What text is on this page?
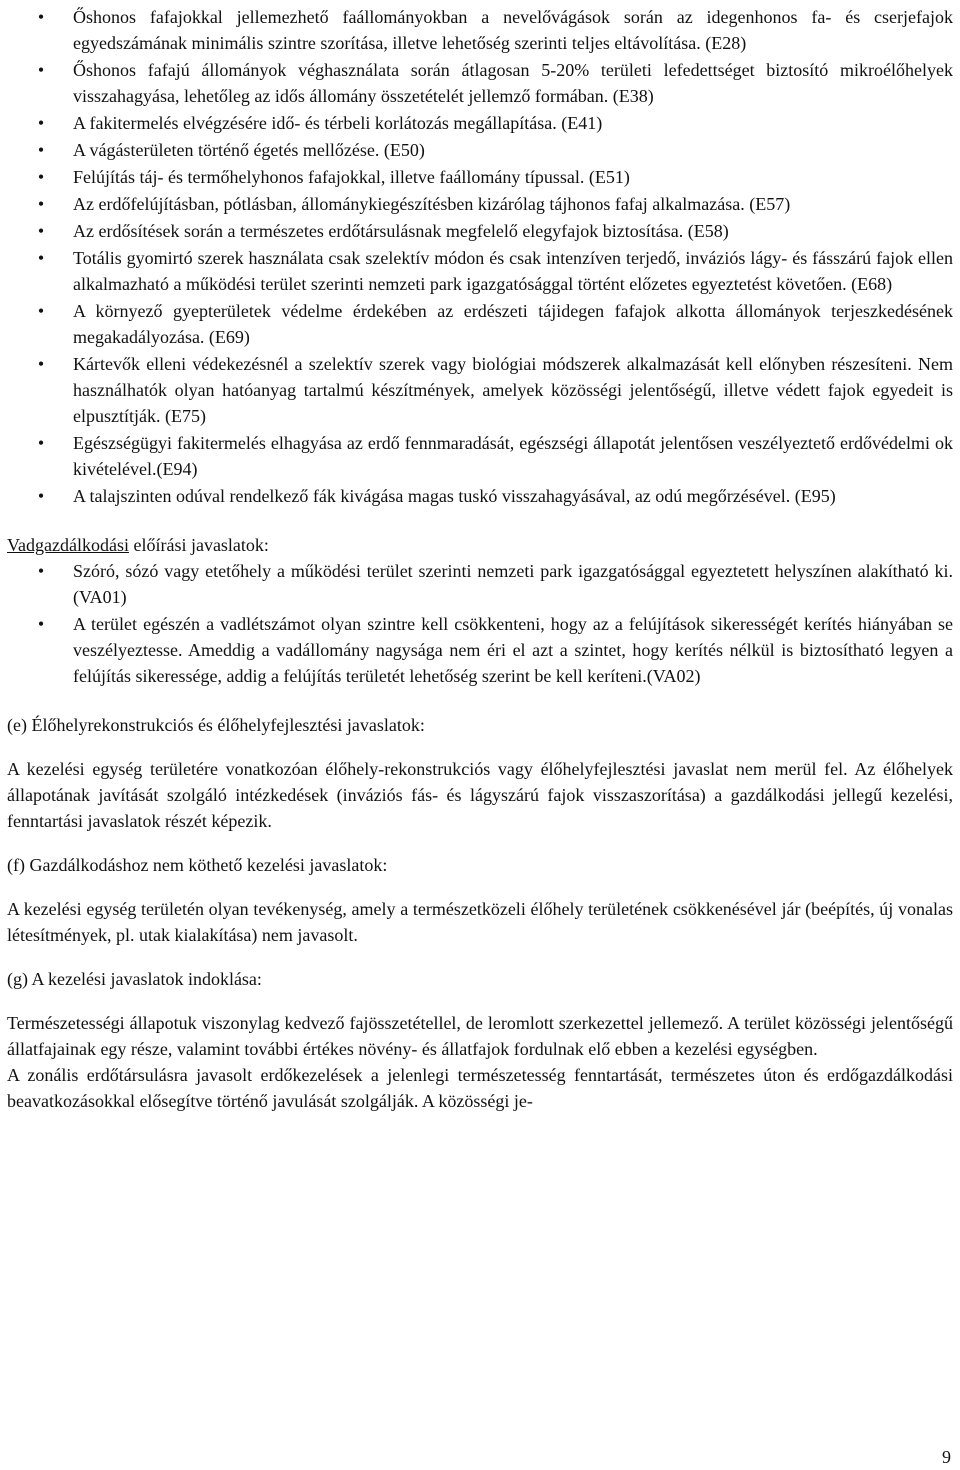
• Őshonos fafajokkal jellemezhető faállományokban a nevelővágások során az idegenhonos fa- és cserjefajok egyedszámának minimális szintre szorítása, illetve lehetőség szerinti teljes eltávolítása. (E28)
• Őshonos fafajú állományok véghasználata során átlagosan 5-20% területi lefedettséget biztosító mikroélőhelyek visszahagyása, lehetőleg az idős állomány összetételét jellemző formában. (E38)
• A fakitermelés elvégzésére idő- és térbeli korlátozás megállapítása. (E41)
• A vágásterületen történő égetés mellőzése. (E50)
• Felújítás táj- és termőhelyhonos fafajokkal, illetve faállomány típussal. (E51)
• Az erdőfelújításban, pótlásban, állománykiegészítésben kizárólag tájhonos fafaj alkalmazása. (E57)
• Az erdősítések során a természetes erdőtársulásnak megfelelő elegyfajok biztosítása. (E58)
• Totális gyomirtó szerek használata csak szelektív módon és csak intenzíven terjedő, inváziós lágy- és fásszárú fajok ellen alkalmazható a működési terület szerinti nemzeti park igazgatósággal történt előzetes egyeztetést követően. (E68)
• A környező gyepterületek védelme érdekében az erdészeti tájidegen fafajok alkotta állományok terjeszkedésének megakadályozása. (E69)
• Kártevők elleni védekezésnél a szelektív szerek vagy biológiai módszerek alkalmazását kell előnyben részesíteni. Nem használhatók olyan hatóanyag tartalmú készítmények, amelyek közösségi jelentőségű, illetve védett fajok egyedeit is elpusztítják. (E75)
• Egészségügyi fakitermelés elhagyása az erdő fennmaradását, egészségi állapotát jelentősen veszélyeztető erdővédelmi ok kivételével.(E94)
• A talajszinten odúval rendelkező fák kivágása magas tuskó visszahagyásával, az odú megőrzésével. (E95)

Vadgazdálkodási előírási javaslatok:

• Szóró, sózó vagy etetőhely a működési terület szerinti nemzeti park igazgatósággal egyeztetett helyszínen alakítható ki. (VA01)
• A terület egészén a vadlétszámot olyan szintre kell csökkenteni, hogy az a felújítások sikerességét kerítés hiányában se veszélyeztesse. Ameddig a vadállomány nagysága nem éri el azt a szintet, hogy kerítés nélkül is biztosítható legyen a felújítás sikeressége, addig a felújítás területét lehetőség szerint be kell keríteni.(VA02)

(e) Élőhelyrekonstrukciós és élőhelyfejlesztési javaslatok:

A kezelési egység területére vonatkozóan élőhely-rekonstrukciós vagy élőhelyfejlesztési javaslat nem merül fel. Az élőhelyek állapotának javítását szolgáló intézkedések (inváziós fás- és lágyszárú fajok visszaszorítása) a gazdálkodási jellegű kezelési, fenntartási javaslatok részét képezik.

(f) Gazdálkodáshoz nem köthető kezelési javaslatok:

A kezelési egység területén olyan tevékenység, amely a természetközeli élőhely területének csökkenésével jár (beépítés, új vonalas létesítmények, pl. utak kialakítása) nem javasolt.

(g) A kezelési javaslatok indoklása:

Természetességi állapotuk viszonylag kedvező fajösszetétellel, de leromlott szerkezettel jellemező. A terület közösségi jelentőségű állatfajainak egy része, valamint további értékes növény- és állatfajok fordulnak elő ebben a kezelési egységben.

A zonális erdőtársulásra javasolt erdőkezelések a jelenlegi természetesség fenntartását, természetes úton és erdőgazdálkodási beavatkozásokkal elősegítve történő javulását szolgálják. A közösségi je-

9
